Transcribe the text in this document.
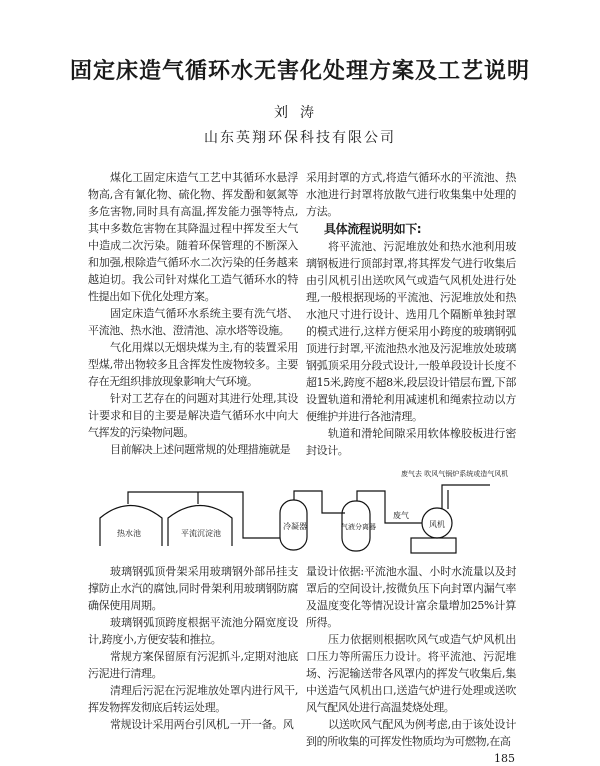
固定床造气循环水无害化处理方案及工艺说明
刘涛
山东英翔环保科技有限公司

煤化工固定床造气工艺中其循环水悬浮物高,含有氰化物、硫化物、挥发酚和氨氮等多危害物,同时具有高温,挥发能力强等特点,其中多数危害物在其降温过程中挥发至大气中造成二次污染。随着环保管理的不断深入和加强,根除造气循环水二次污染的任务越来越迫切。我公司针对煤化工造气循环水的特性提出如下优化处理方案。

固定床造气循环水系统主要有洗气塔、平流池、热水池、澄清池、凉水塔等设施。

气化用煤以无烟块煤为主,有的装置采用型煤,带出物较多且含挥发性废物较多。主要存在无组织排放现象影响大气环境。

针对工艺存在的问题对其进行处理,其设计要求和目的主要是解决造气循环水中向大气挥发的污染物问题。

目前解决上述问题常规的处理措施就是

采用封罩的方式,将造气循环水的平流池、热水池进行封罩将放散气进行收集集中处理的方法。

具体流程说明如下:

将平流池、污泥堆放处和热水池利用玻璃钢板进行顶部封罩,将其挥发气进行收集后由引风机引出送吹风气或造气风机处进行处理,一般根据现场的平流池、污泥堆放处和热水池尺寸进行设计、选用几个隔断单独封罩的模式进行,这样方便采用小跨度的玻璃钢弧顶进行封罩,平流池热水池及污泥堆放处玻璃钢弧顶采用分段式设计,一般单段设计长度不超15米,跨度不超8米,段层设计错层布置,下部设置轨道和滑轮利用减速机和绳索拉动以方便维护并进行各池清理。

轨道和滑轮间隙采用软体橡胶板进行密封设计。

热水池	平流沉淀池
冷凝器	气液分离器
废气
风机
废气去 吹风气锅炉系统或造气风机

玻璃钢弧顶骨架采用玻璃钢外部吊挂支撑防止水汽的腐蚀,同时骨架利用玻璃钢防腐确保使用周期。

玻璃钢弧顶跨度根据平流池分隔宽度设计,跨度小,方便安装和推拉。

常规方案保留原有污泥抓斗,定期对池底污泥进行清理。

清理后污泥在污泥堆放处罩内进行风干,挥发物挥发彻底后转运处理。

常规设计采用两台引风机,一开一备。风

量设计依据:平流池水温、小时水流量以及封罩后的空间设计,按微负压下向封罩内漏气率及温度变化等情况设计富余量增加25%计算所得。

压力依据则根据吹风气或造气炉风机出口压力等所需压力设计。将平流池、污泥堆场、污泥输送带各风罩内的挥发气收集后,集中送造气风机出口,送造气炉进行处理或送吹风气配风处进行高温焚烧处理。

以送吹风气配风为例考虑,由于该处设计到的所收集的可挥发性物质均为可燃物,在高

185
